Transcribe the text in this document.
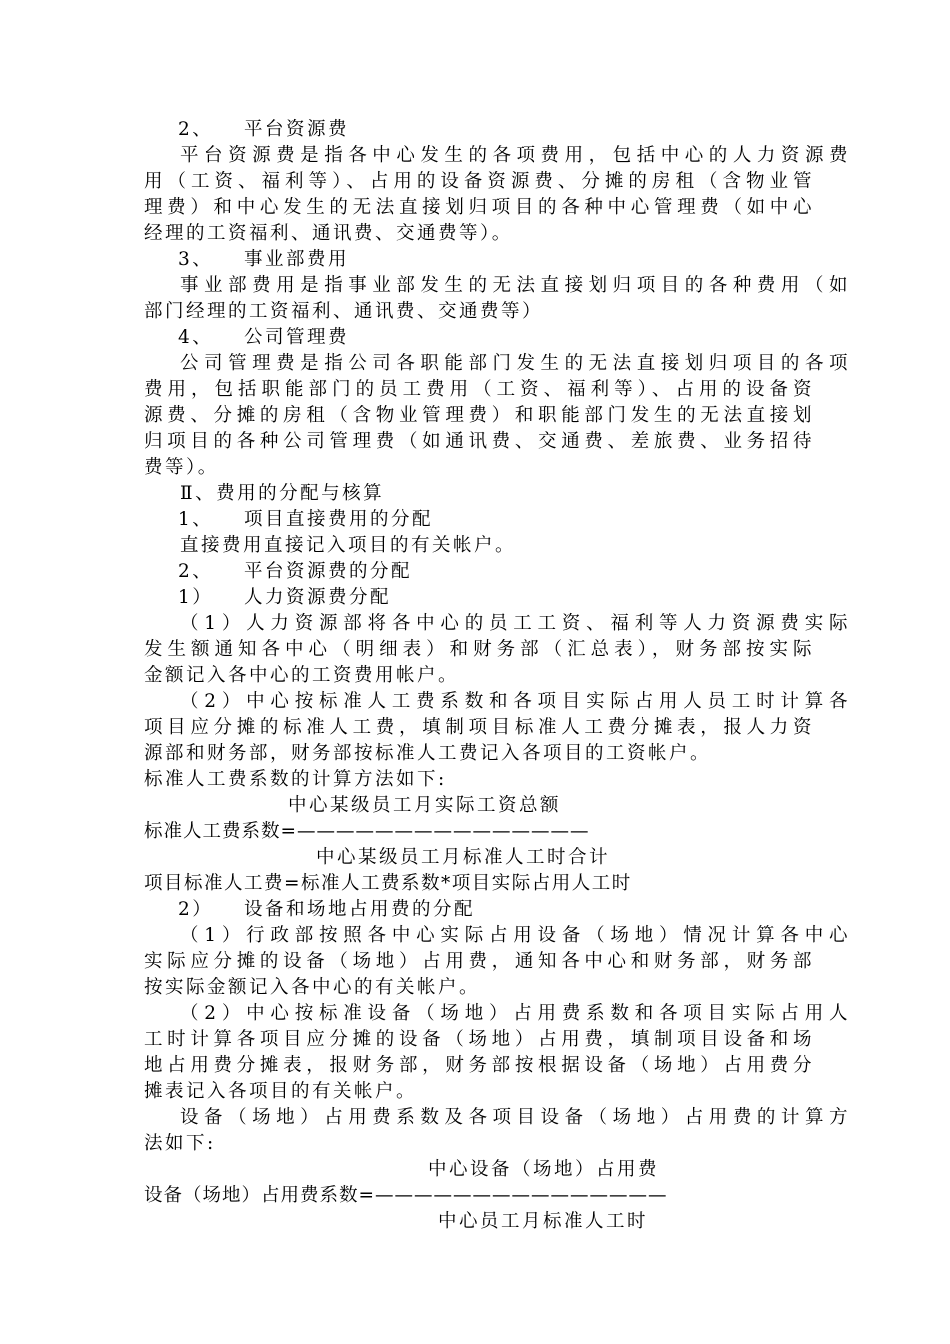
2、 平台资源费
平台资源费是指各中心发生的各项费用，包括中心的人力资源费
用（工资、福利等）、占用的设备资源费、分摊的房租（含物业管
理费）和中心发生的无法直接划归项目的各种中心管理费（如中心
经理的工资福利、通讯费、交通费等）。
3、 事业部费用
事业部费用是指事业部发生的无法直接划归项目的各种费用（如
部门经理的工资福利、通讯费、交通费等）
4、 公司管理费
公司管理费是指公司各职能部门发生的无法直接划归项目的各项
费用，包括职能部门的员工费用（工资、福利等）、占用的设备资
源费、分摊的房租（含物业管理费）和职能部门发生的无法直接划
归项目的各种公司管理费（如通讯费、交通费、差旅费、业务招待
费等）。
Ⅱ、费用的分配与核算
1、 项目直接费用的分配
直接费用直接记入项目的有关帐户。
2、 平台资源费的分配
1） 人力资源费分配
（1）人力资源部将各中心的员工工资、福利等人力资源费实际
发生额通知各中心（明细表）和财务部（汇总表），财务部按实际
金额记入各中心的工资费用帐户。
（2）中心按标准人工费系数和各项目实际占用人员工时计算各
项目应分摊的标准人工费，填制项目标准人工费分摊表，报人力资
源部和财务部，财务部按标准人工费记入各项目的工资帐户。
标准人工费系数的计算方法如下:
中心某级员工月实际工资总额
标准人工费系数=———————————————
中心某级员工月标准人工时合计
项目标准人工费=标准人工费系数*项目实际占用人工时
2） 设备和场地占用费的分配
（1）行政部按照各中心实际占用设备（场地）情况计算各中心
实际应分摊的设备（场地）占用费，通知各中心和财务部，财务部
按实际金额记入各中心的有关帐户。
（2）中心按标准设备（场地）占用费系数和各项目实际占用人
工时计算各项目应分摊的设备（场地）占用费，填制项目设备和场
地占用费分摊表，报财务部，财务部按根据设备（场地）占用费分
摊表记入各项目的有关帐户。
设备（场地）占用费系数及各项目设备（场地）占用费的计算方
法如下:
中心设备（场地）占用费
设备（场地）占用费系数=———————————————
中心员工月标准人工时
